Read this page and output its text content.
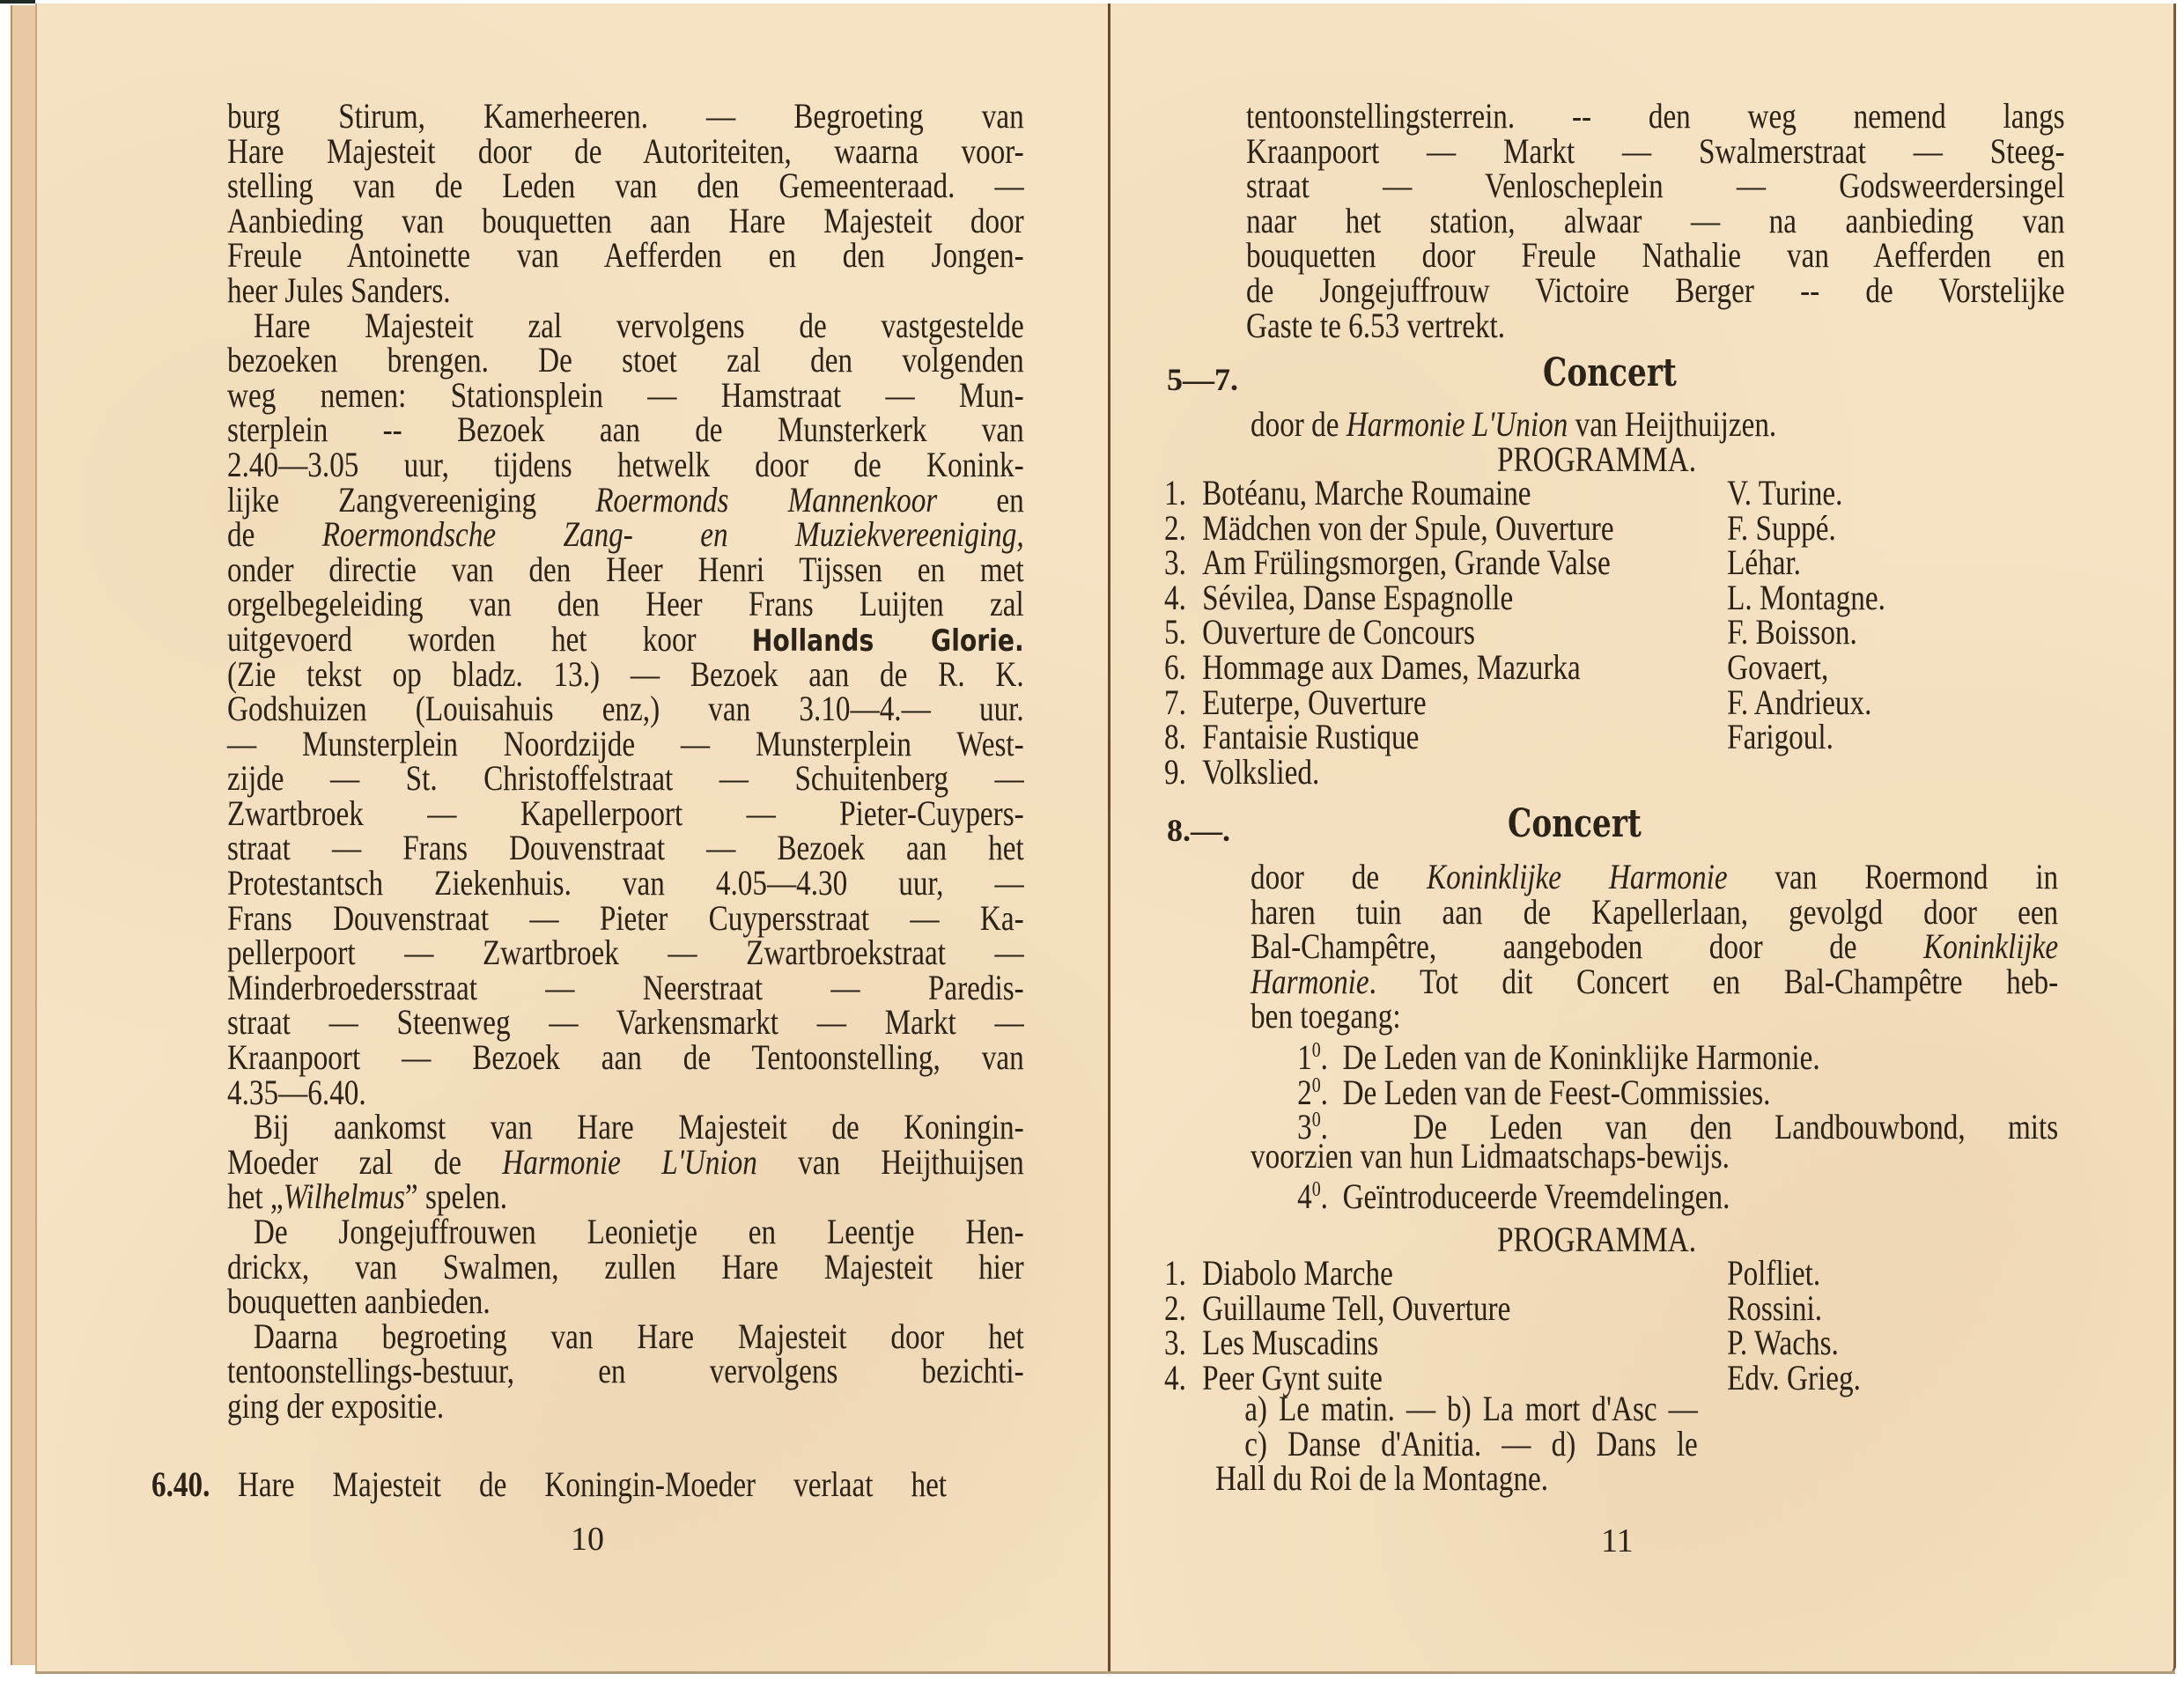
burg Stirum, Kamerheeren. — Begroeting van
Hare Majesteit door de Autoriteiten, waarna voor-
stelling van de Leden van den Gemeenteraad. —
Aanbieding van bouquetten aan Hare Majesteit door
Freule Antoinette van Aefferden en den Jongen-
heer Jules Sanders.
Hare Majesteit zal vervolgens de vastgestelde
bezoeken brengen. De stoet zal den volgenden
weg nemen: Stationsplein — Hamstraat — Mun-
sterplein -- Bezoek aan de Munsterkerk van
2.40—3.05 uur, tijdens hetwelk door de Konink-
lijke Zangvereeniging Roermonds Mannenkoor en
de Roermondsche Zang- en Muziekvereeniging,
onder directie van den Heer Henri Tijssen en met
orgelbegeleiding van den Heer Frans Luijten zal
uitgevoerd worden het koor Hollands Glorie.
(Zie tekst op bladz. 13.) — Bezoek aan de R. K.
Godshuizen (Louisahuis enz,) van 3.10—4.— uur.
— Munsterplein Noordzijde — Munsterplein West-
zijde — St. Christoffelstraat — Schuitenberg —
Zwartbroek — Kapellerpoort — Pieter-Cuypers-
straat — Frans Douvenstraat — Bezoek aan het
Protestantsch Ziekenhuis. van 4.05—4.30 uur, —
Frans Douvenstraat — Pieter Cuypersstraat — Ka-
pellerpoort — Zwartbroek — Zwartbroekstraat —
Minderbroedersstraat — Neerstraat — Paredis-
straat — Steenweg — Varkensmarkt — Markt —
Kraanpoort — Bezoek aan de Tentoonstelling, van
4.35—6.40.
Bij aankomst van Hare Majesteit de Koningin-
Moeder zal de Harmonie L'Union van Heijthuijsen
het „Wilhelmus” spelen.
De Jongejuffrouwen Leonietje en Leentje Hen-
drickx, van Swalmen, zullen Hare Majesteit hier
bouquetten aanbieden.
Daarna begroeting van Hare Majesteit door het
tentoonstellings-bestuur, en vervolgens bezichti-
ging der expositie.
6.40. Hare Majesteit de Koningin-Moeder verlaat het
10
tentoonstellingsterrein. -- den weg nemend langs
Kraanpoort — Markt — Swalmerstraat — Steeg-
straat — Venloscheplein — Godsweerdersingel
naar het station, alwaar — na aanbieding van
bouquetten door Freule Nathalie van Aefferden en
de Jongejuffrouw Victoire Berger -- de Vorstelijke
Gaste te 6.53 vertrekt.
5—7.	Concert
door de Harmonie L'Union van Heijthuijzen.
PROGRAMMA.
1. Botéanu, Marche Roumaine	V. Turine.
2. Mädchen von der Spule, Ouverture	F. Suppé.
3. Am Frülingsmorgen, Grande Valse	Léhar.
4. Sévilea, Danse Espagnolle	L. Montagne.
5. Ouverture de Concours	F. Boisson.
6. Hommage aux Dames, Mazurka	Govaert,
7. Euterpe, Ouverture	F. Andrieux.
8. Fantaisie Rustique	Farigoul.
9. Volkslied.
8.—.	Concert
door de Koninklijke Harmonie van Roermond in
haren tuin aan de Kapellerlaan, gevolgd door een
Bal-Champêtre, aangeboden door de Koninklijke
Harmonie. Tot dit Concert en Bal-Champêtre heb-
ben toegang:
$1^0$.  De Leden van de Koninklijke Harmonie.
$2^0$.  De Leden van de Feest-Commissies.
$3^0$.  De Leden van den Landbouwbond, mits
voorzien van hun Lidmaatschaps-bewijs.
$4^0$.  Geïntroduceerde Vreemdelingen.
PROGRAMMA.
1. Diabolo Marche	Polfliet.
2. Guillaume Tell, Ouverture	Rossini.
3. Les Muscadins	P. Wachs.
4. Peer Gynt suite	Edv. Grieg.
a) Le matin. — b) La mort d'Asc —
c) Danse d'Anitia. — d) Dans le
Hall du Roi de la Montagne.
11
